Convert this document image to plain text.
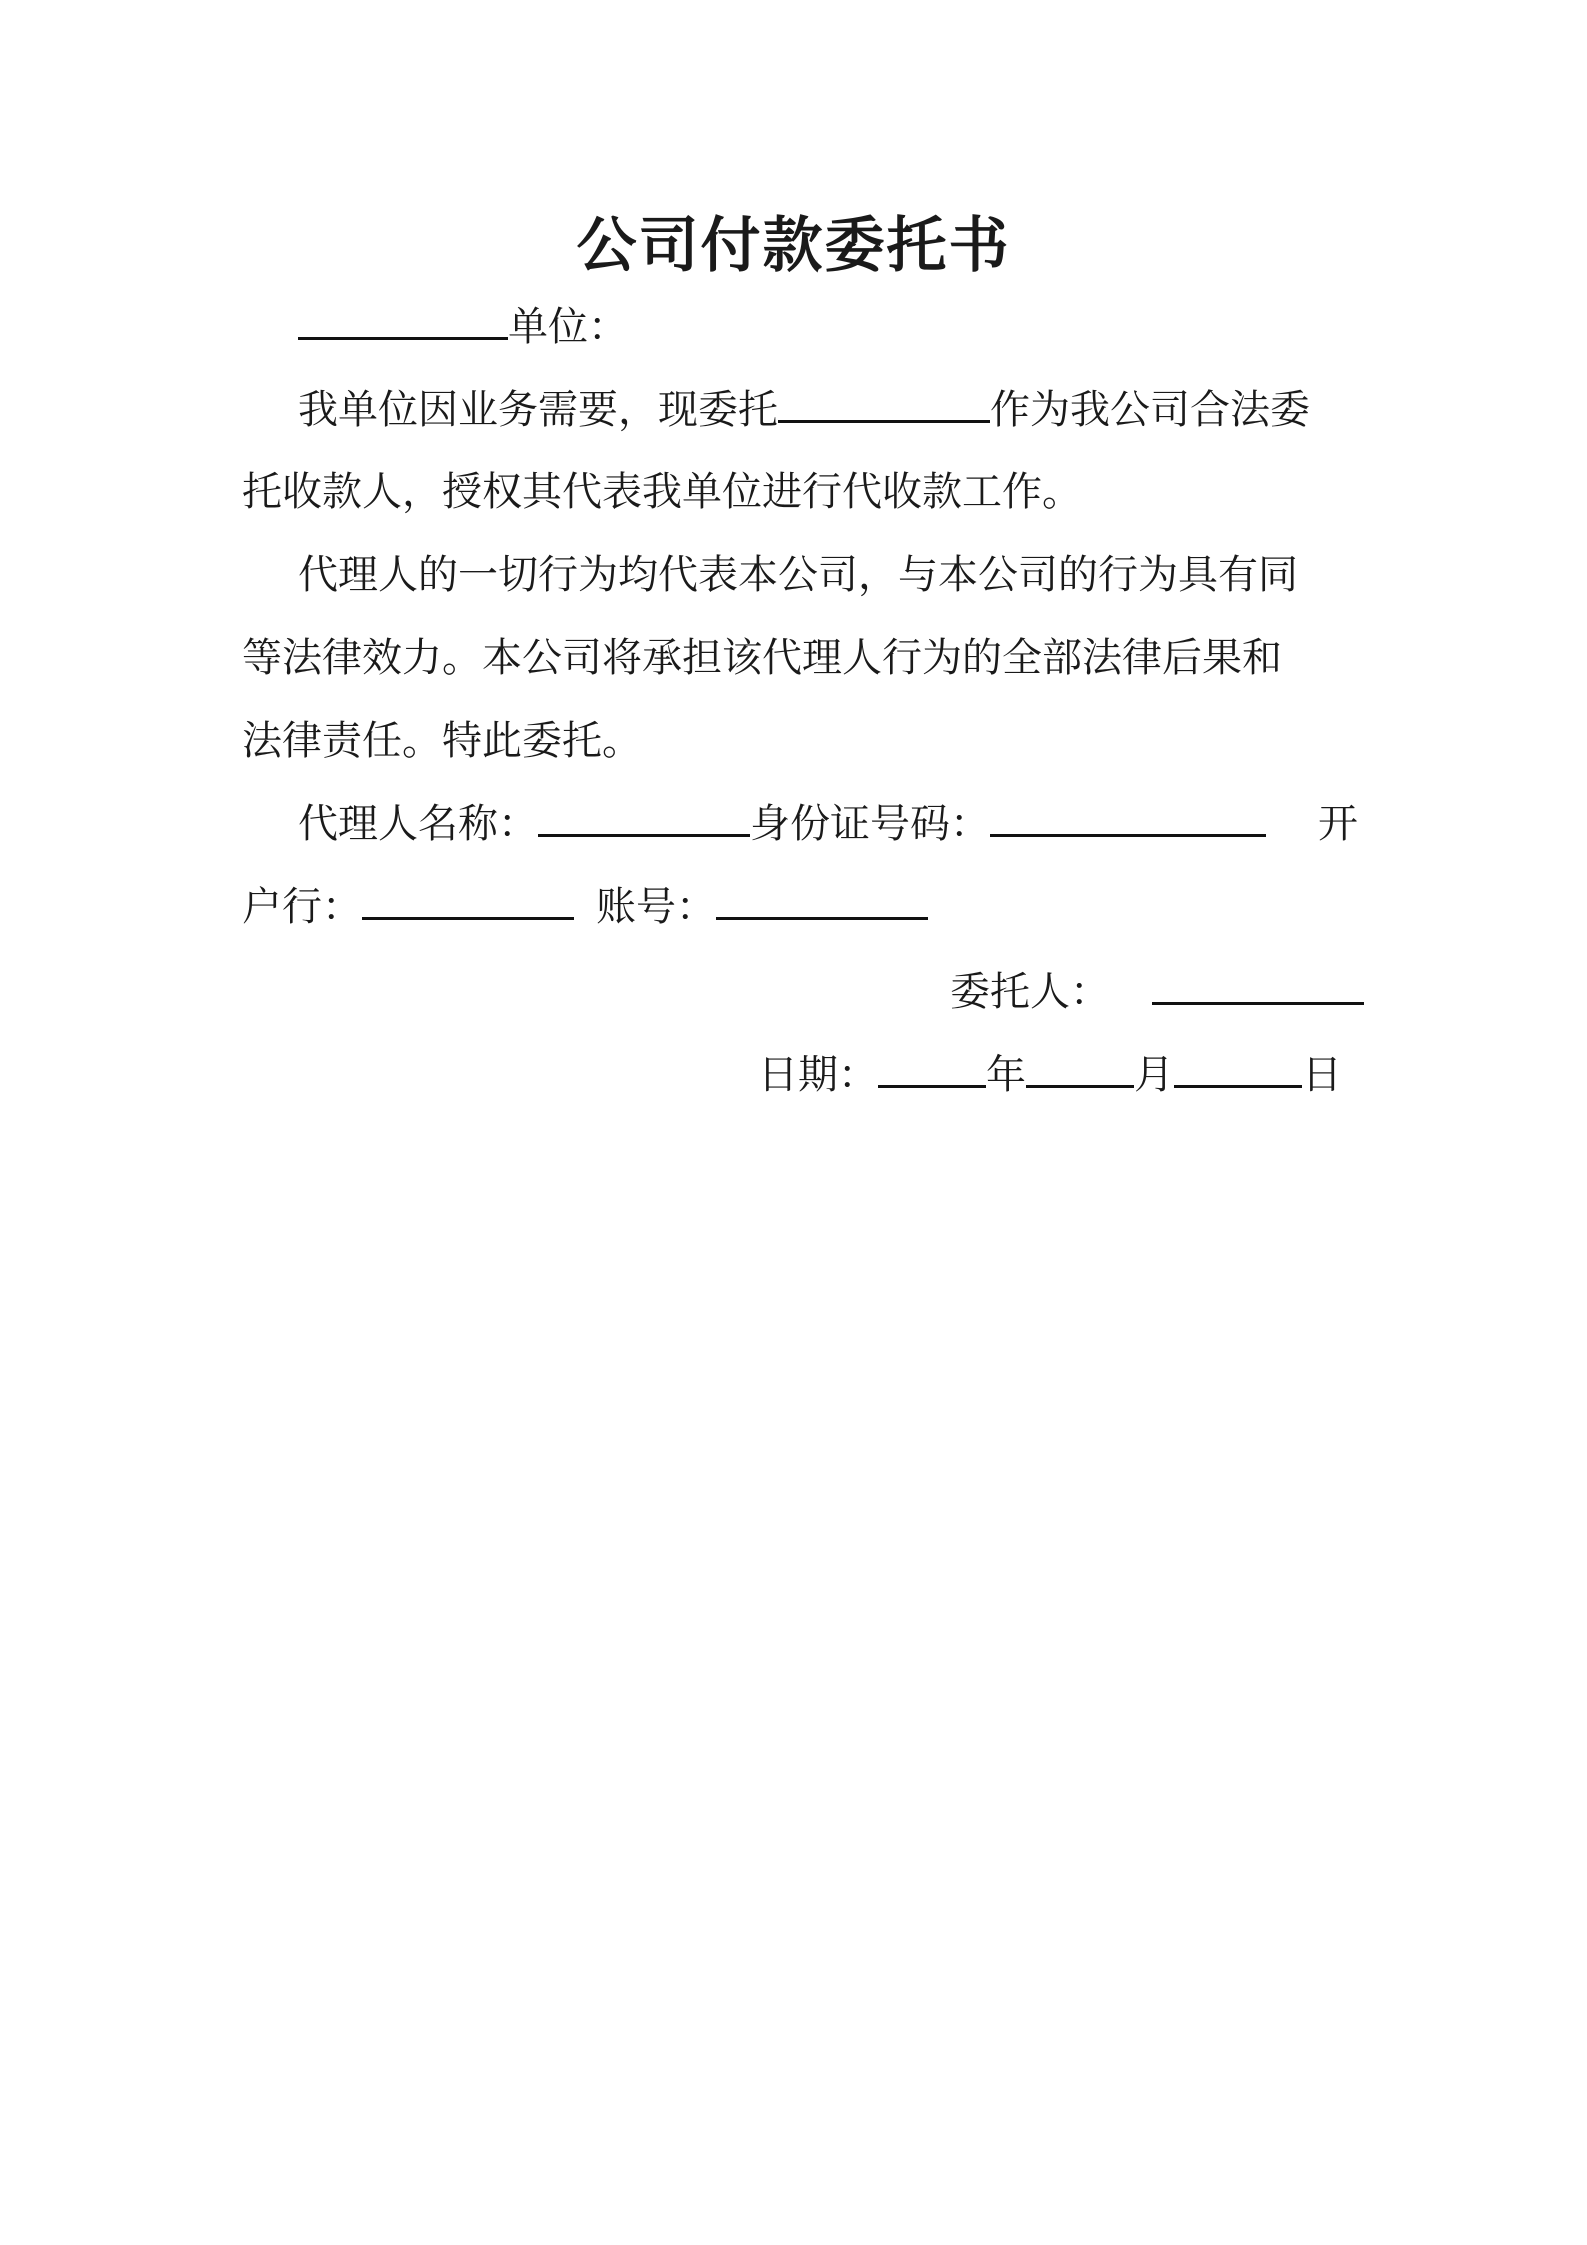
公司付款委托书
单位：
我单位因业务需要，现委托	作为我公司合法委
托收款人，授权其代表我单位进行代收款工作。
代理人的一切行为均代表本公司，与本公司的行为具有同
等法律效力。本公司将承担该代理人行为的全部法律后果和
法律责任。特此委托。
代理人名称：	身份证号码：	开
户行：	账号：
委托人：
日期：	年	月	日
